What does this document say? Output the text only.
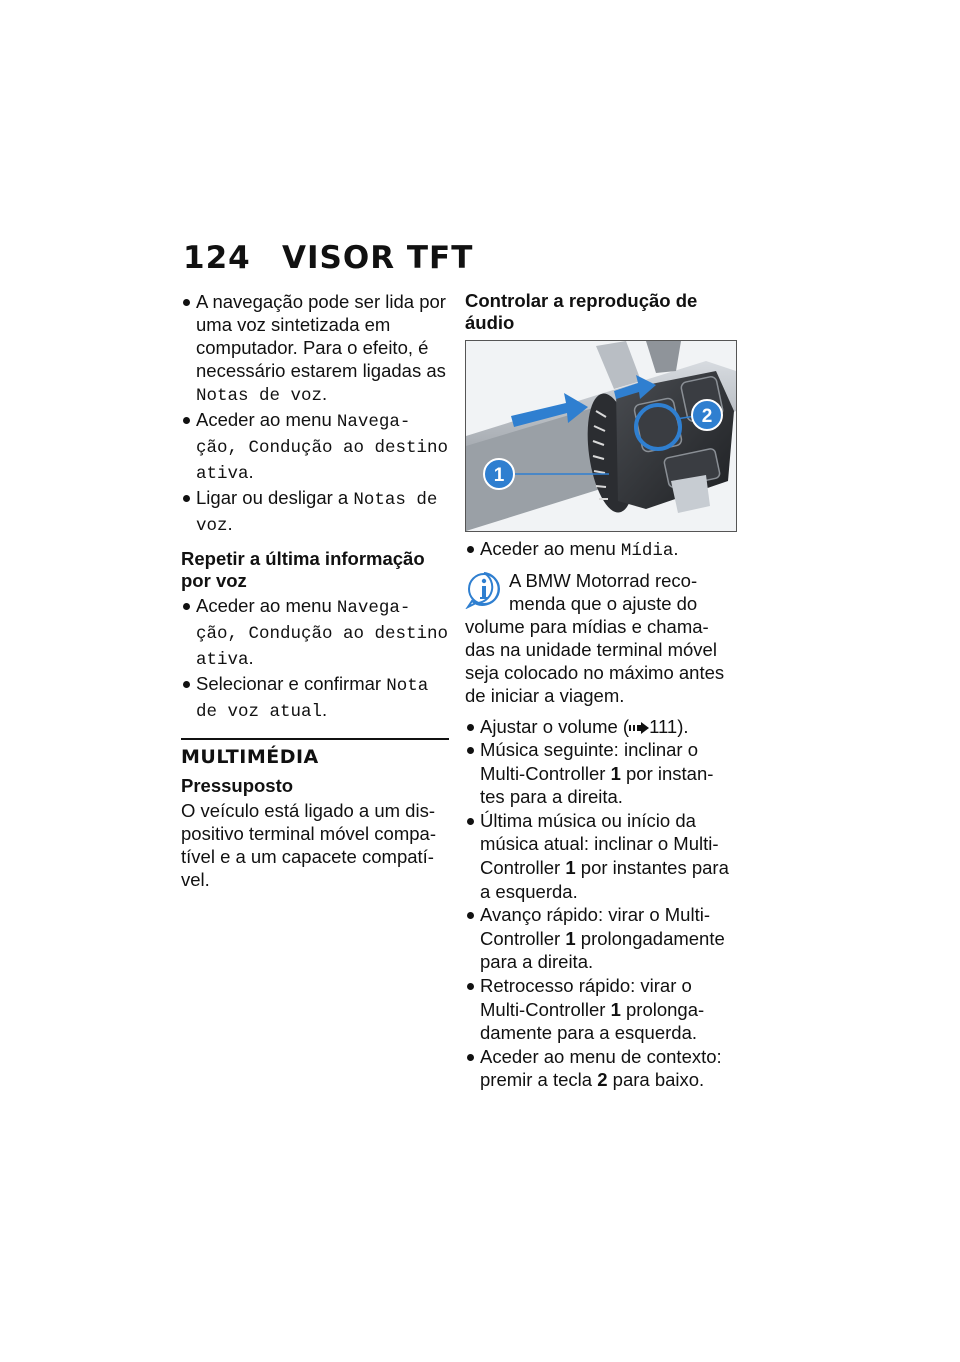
124 VISOR TFT
A navegação pode ser lida por uma voz sintetizada em computador. Para o efeito, é necessário estarem ligadas as Notas de voz.
Aceder ao menu Navega-ção, Condução ao destino ativa.
Ligar ou desligar a Notas de voz.
Repetir a última informação por voz
Aceder ao menu Navega-ção, Condução ao destino ativa.
Selecionar e confirmar Nota de voz atual.
MULTIMÉDIA
Pressuposto

O veículo está ligado a um dis-positivo terminal móvel compa-tível e a um capacete compatí-vel.

Controlar a reprodução de áudio
1
2
Aceder ao menu Mídia.
A BMW Motorrad reco-menda que o ajuste do volume para mídias e chama-das na unidade terminal móvel seja colocado no máximo antes de iniciar a viagem.
Ajustar o volume ( 111).
Música seguinte: inclinar o Multi-Controller 1 por instan-tes para a direita.
Última música ou início da música atual: inclinar o Multi-Controller 1 por instantes para a esquerda.
Avanço rápido: virar o Multi-Controller 1 prolongadamente para a direita.
Retrocesso rápido: virar o Multi-Controller 1 prolonga-damente para a esquerda.
Aceder ao menu de contexto: premir a tecla 2 para baixo.
